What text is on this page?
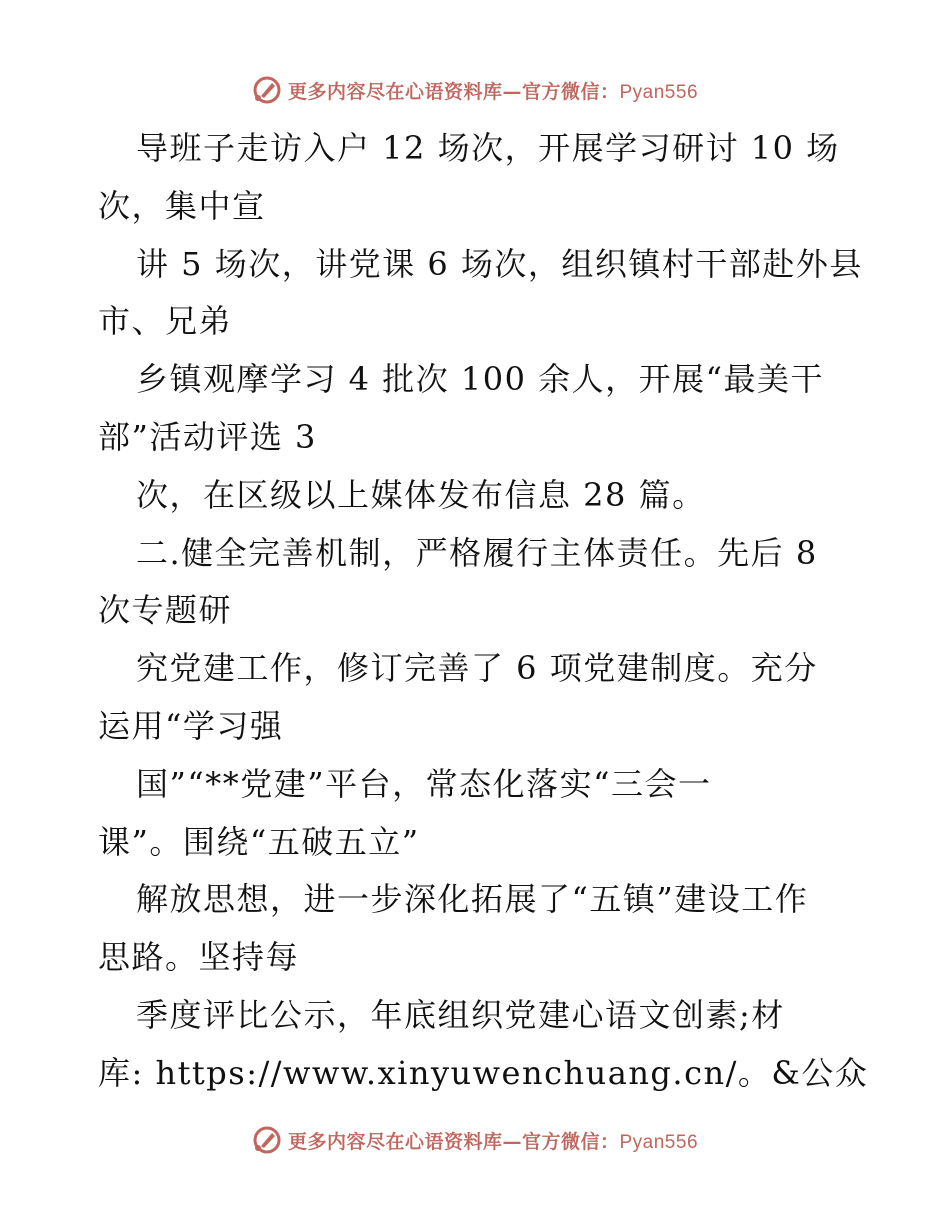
更多内容尽在心语资料库—官方微信：Pyan556
导班子走访入户 12 场次，开展学习研讨 10 场
次，集中宣
讲 5 场次，讲党课 6 场次，组织镇村干部赴外县
市、兄弟
乡镇观摩学习 4 批次 100 余人，开展“最美干
部”活动评选 3
次，在区级以上媒体发布信息 28 篇。
二.健全完善机制，严格履行主体责任。先后 8
次专题研
究党建工作，修订完善了 6 项党建制度。充分
运用“学习强
国”“**党建”平台，常态化落实“三会一
课”。围绕“五破五立”
解放思想，进一步深化拓展了“五镇”建设工作
思路。坚持每
季度评比公示，年底组织党建心语文创素;材
库: https://www.xinyuwenchuang.cn/。&公众
更多内容尽在心语资料库—官方微信：Pyan556
